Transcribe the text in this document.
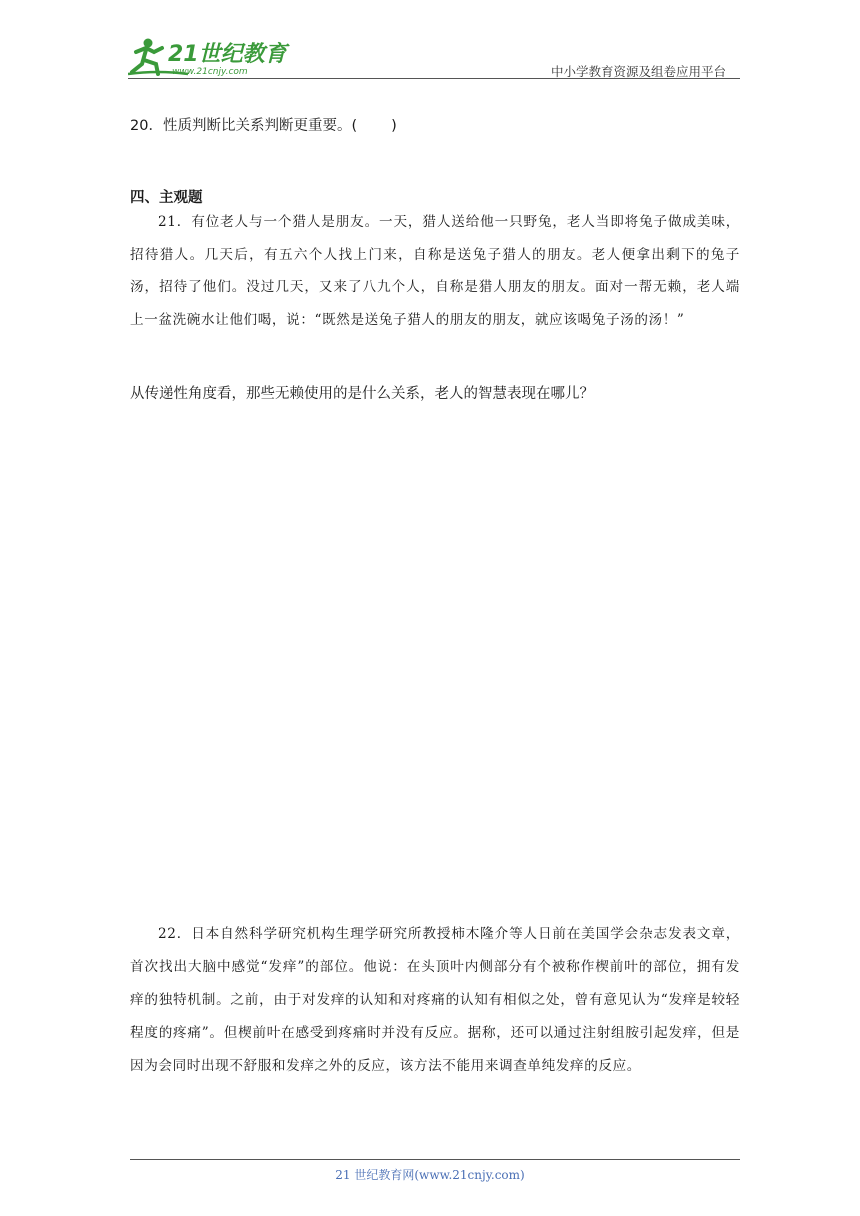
21世纪教育
www.21cnjy.com	中小学教育资源及组卷应用平台
20．性质判断比关系判断更重要。( )
四、主观题
21．有位老人与一个猎人是朋友。一天，猎人送给他一只野兔，老人当即将兔子做成美味，招待猎人。几天后，有五六个人找上门来，自称是送兔子猎人的朋友。老人便拿出剩下的兔子汤，招待了他们。没过几天，又来了八九个人，自称是猎人朋友的朋友。面对一帮无赖，老人端上一盆洗碗水让他们喝，说：“既然是送兔子猎人的朋友的朋友，就应该喝兔子汤的汤！”
从传递性角度看，那些无赖使用的是什么关系，老人的智慧表现在哪儿？
22．日本自然科学研究机构生理学研究所教授柿木隆介等人日前在美国学会杂志发表文章，首次找出大脑中感觉“发痒”的部位。他说：在头顶叶内侧部分有个被称作楔前叶的部位，拥有发痒的独特机制。之前，由于对发痒的认知和对疼痛的认知有相似之处，曾有意见认为“发痒是较轻程度的疼痛”。但楔前叶在感受到疼痛时并没有反应。据称，还可以通过注射组胺引起发痒，但是因为会同时出现不舒服和发痒之外的反应，该方法不能用来调查单纯发痒的反应。
21 世纪教育网(www.21cnjy.com)
